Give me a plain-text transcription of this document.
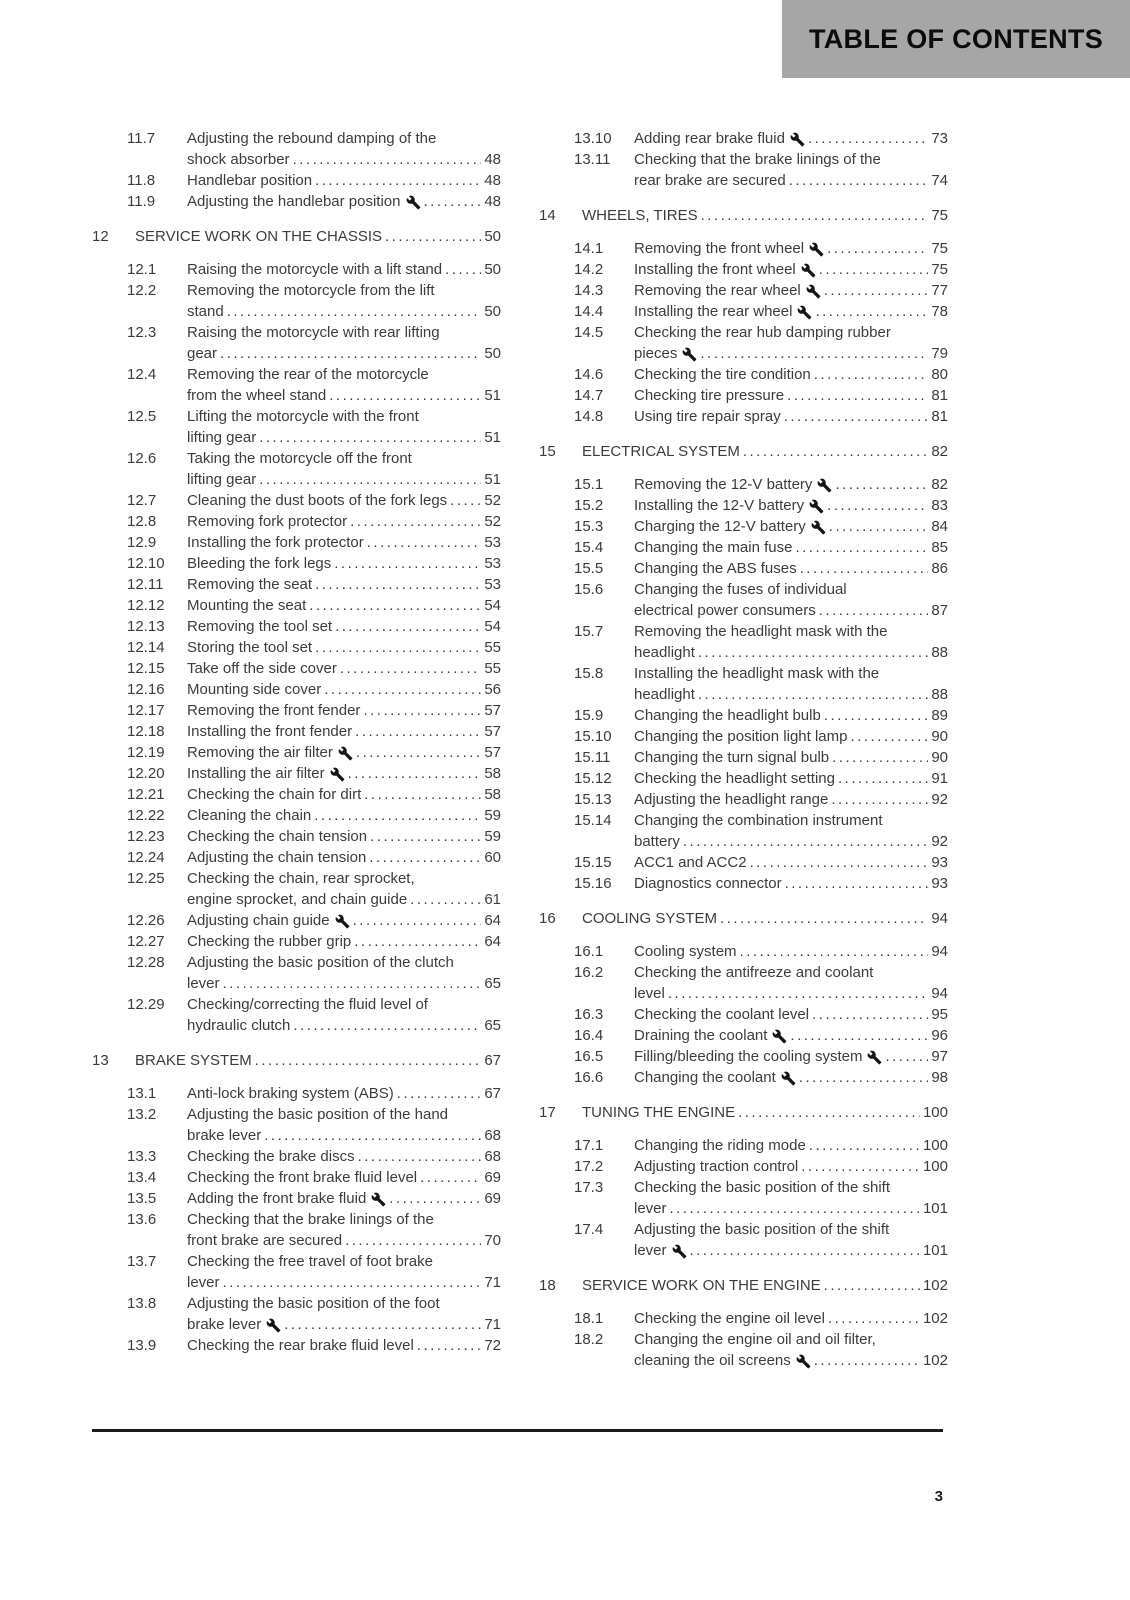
TABLE OF CONTENTS
11.7	Adjusting the rebound damping of the
shock absorber .....	48
11.8	Handlebar position .....	48
11.9	Adjusting the handlebar position .....	48
12	SERVICE WORK ON THE CHASSIS .....	50
12.1	Raising the motorcycle with a lift stand .....	50
12.2	Removing the motorcycle from the lift
stand .....	50
12.3	Raising the motorcycle with rear lifting
gear .....	50
12.4	Removing the rear of the motorcycle
from the wheel stand .....	51
12.5	Lifting the motorcycle with the front
lifting gear .....	51
12.6	Taking the motorcycle off the front
lifting gear .....	51
12.7	Cleaning the dust boots of the fork legs ..... 52
12.8	Removing fork protector .....	52
12.9	Installing the fork protector .....	53
12.10	Bleeding the fork legs .....	53
12.11	Removing the seat .....	53
12.12	Mounting the seat .....	54
12.13	Removing the tool set .....	54
12.14	Storing the tool set .....	55
12.15	Take off the side cover .....	55
12.16	Mounting side cover .....	56
12.17	Removing the front fender .....	57
12.18	Installing the front fender .....	57
12.19	Removing the air filter .....	57
12.20	Installing the air filter .....	58
12.21	Checking the chain for dirt .....	58
12.22	Cleaning the chain .....	59
12.23	Checking the chain tension .....	59
12.24	Adjusting the chain tension .....	60
12.25	Checking the chain, rear sprocket,
engine sprocket, and chain guide .....	61
12.26	Adjusting chain guide .....	64
12.27	Checking the rubber grip .....	64
12.28	Adjusting the basic position of the clutch
lever .....	65
12.29	Checking/correcting the fluid level of
hydraulic clutch .....	65
13	BRAKE SYSTEM .....	67
13.1	Anti-lock braking system (ABS) .....	67
13.2	Adjusting the basic position of the hand
brake lever .....	68
13.3	Checking the brake discs .....	68
13.4	Checking the front brake fluid level .....	69
13.5	Adding the front brake fluid .....	69
13.6	Checking that the brake linings of the
front brake are secured .....	70
13.7	Checking the free travel of foot brake
lever .....	71
13.8	Adjusting the basic position of the foot
brake lever .....	71
13.9	Checking the rear brake fluid level .....	72
13.10	Adding rear brake fluid .....	73
13.11	Checking that the brake linings of the
rear brake are secured .....	74
14	WHEELS, TIRES .....	75
14.1	Removing the front wheel .....	75
14.2	Installing the front wheel .....	75
14.3	Removing the rear wheel .....	77
14.4	Installing the rear wheel .....	78
14.5	Checking the rear hub damping rubber
pieces .....	79
14.6	Checking the tire condition .....	80
14.7	Checking tire pressure .....	81
14.8	Using tire repair spray .....	81
15	ELECTRICAL SYSTEM .....	82
15.1	Removing the 12-V battery .....	82
15.2	Installing the 12-V battery .....	83
15.3	Charging the 12-V battery .....	84
15.4	Changing the main fuse .....	85
15.5	Changing the ABS fuses .....	86
15.6	Changing the fuses of individual
electrical power consumers .....	87
15.7	Removing the headlight mask with the
headlight .....	88
15.8	Installing the headlight mask with the
headlight .....	88
15.9	Changing the headlight bulb .....	89
15.10	Changing the position light lamp .....	90
15.11	Changing the turn signal bulb .....	90
15.12	Checking the headlight setting .....	91
15.13	Adjusting the headlight range .....	92
15.14	Changing the combination instrument
battery .....	92
15.15	ACC1 and ACC2 .....	93
15.16	Diagnostics connector .....	93
16	COOLING SYSTEM .....	94
16.1	Cooling system .....	94
16.2	Checking the antifreeze and coolant
level .....	94
16.3	Checking the coolant level .....	95
16.4	Draining the coolant .....	96
16.5	Filling/bleeding the cooling system .....	97
16.6	Changing the coolant .....	98
17	TUNING THE ENGINE .....	100
17.1	Changing the riding mode .....	100
17.2	Adjusting traction control .....	100
17.3	Checking the basic position of the shift
lever .....	101
17.4	Adjusting the basic position of the shift
lever .....	101
18	SERVICE WORK ON THE ENGINE .....	102
18.1	Checking the engine oil level .....	102
18.2	Changing the engine oil and oil filter,
cleaning the oil screens .....	102
3
